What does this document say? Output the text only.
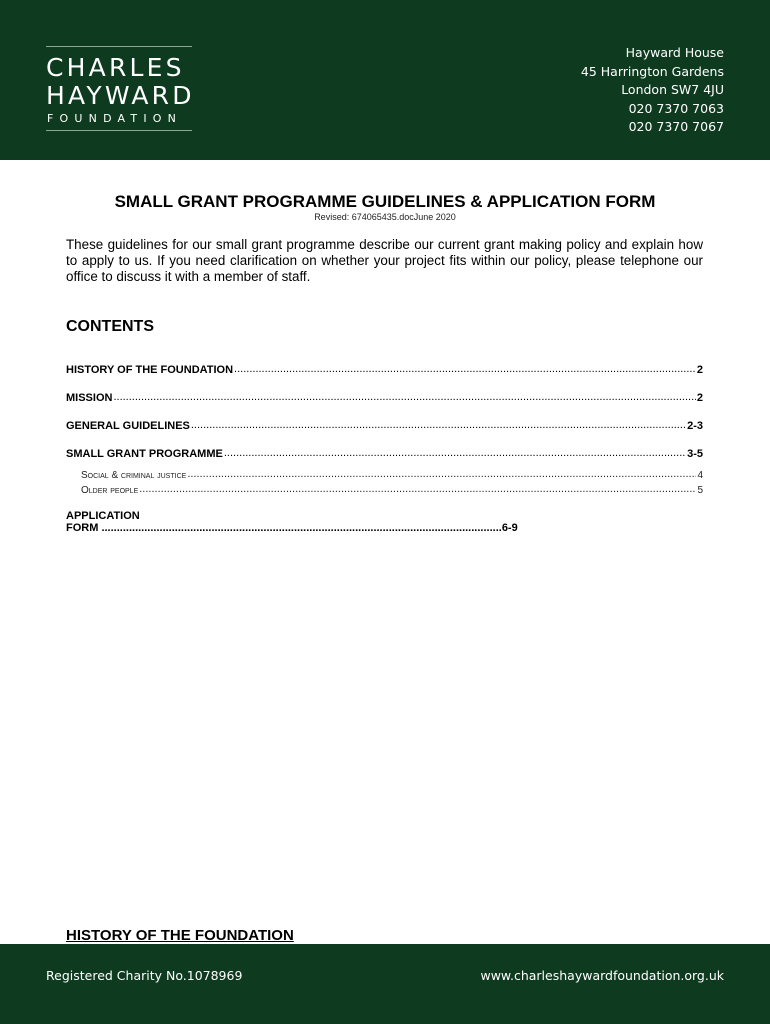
CHARLES
HAYWARD
FOUNDATION
Hayward House
45 Harrington Gardens
London SW7 4JU
020 7370 7063
020 7370 7067
SMALL GRANT PROGRAMME GUIDELINES & APPLICATION FORM
Revised: 674065435.docJune 2020
These guidelines for our small grant programme describe our current grant making policy and explain how to apply to us. If you need clarification on whether your project fits within our policy, please telephone our office to discuss it with a member of staff.
CONTENTS
HISTORY OF THE FOUNDATION .....	2
MISSION .....	2
GENERAL GUIDELINES .....	2-3
SMALL GRANT PROGRAMME .....	3-5
Social & criminal justice .....	4
Older people .....	5
APPLICATION
FORM ...................................................................................................................................6-9
HISTORY OF THE FOUNDATION
Registered Charity No.1078969	www.charleshaywardfoundation.org.uk
